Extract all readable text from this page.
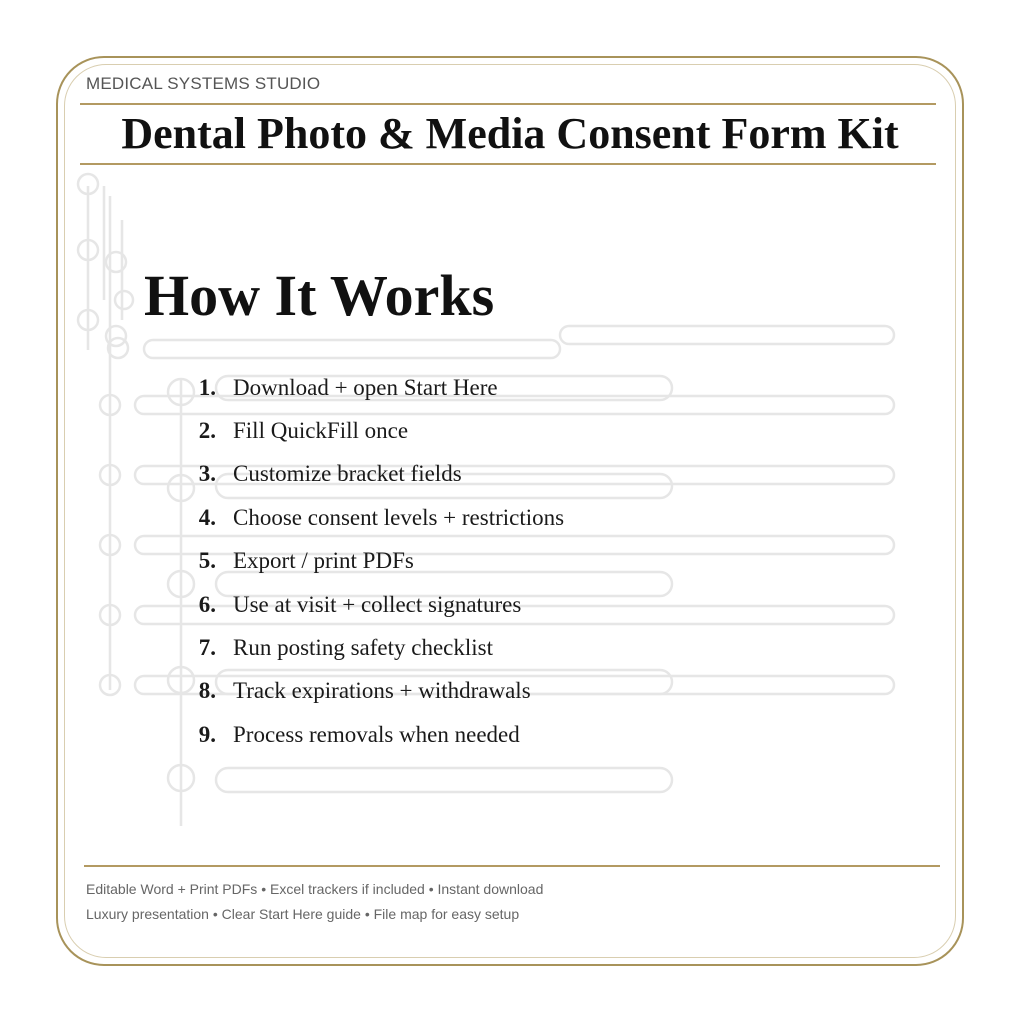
MEDICAL SYSTEMS STUDIO
Dental Photo & Media Consent Form Kit
How It Works
1. Download + open Start Here
2. Fill QuickFill once
3. Customize bracket fields
4. Choose consent levels + restrictions
5. Export / print PDFs
6. Use at visit + collect signatures
7. Run posting safety checklist
8. Track expirations + withdrawals
9. Process removals when needed
Editable Word + Print PDFs • Excel trackers if included • Instant download
Luxury presentation • Clear Start Here guide • File map for easy setup
